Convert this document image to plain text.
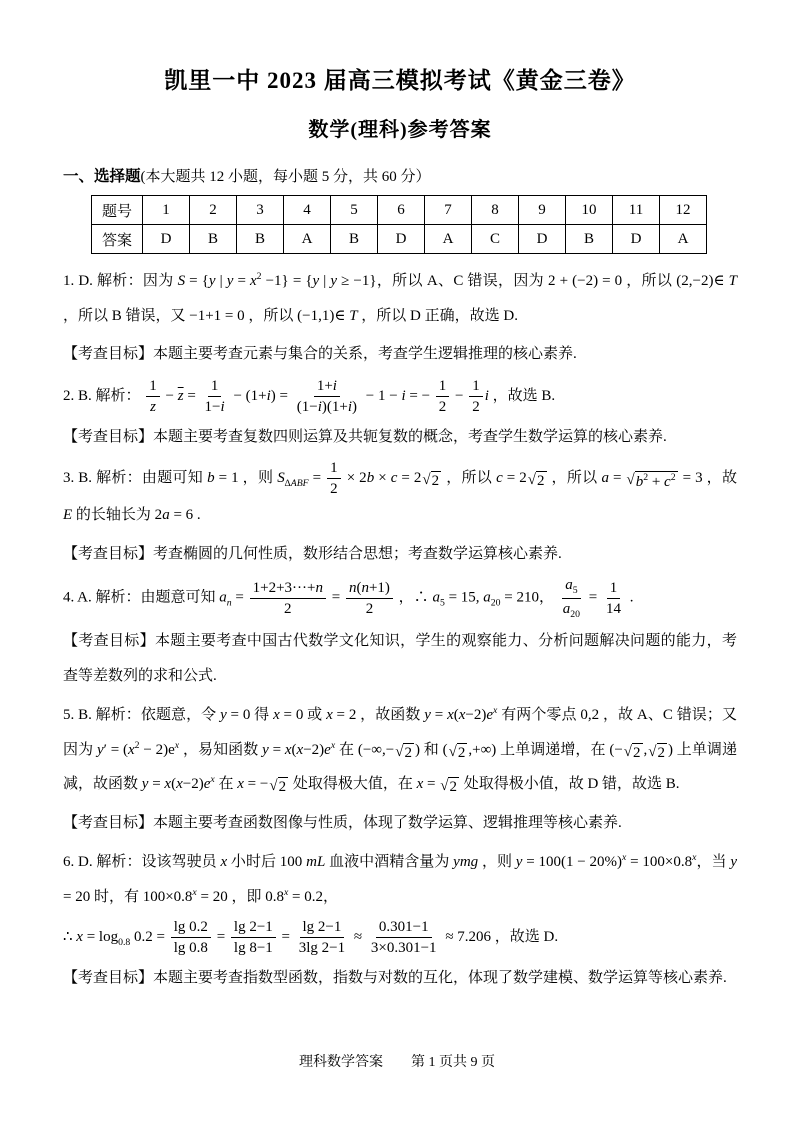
凯里一中 2023 届高三模拟考试《黄金三卷》
数学(理科)参考答案

一、选择题(本大题共 12 小题，每小题 5 分，共 60 分）

题号	1	2	3	4	5	6	7	8	9	10	11	12
答案	D	B	B	A	B	D	A	C	D	B	D	A

1. D. 解析：因为 S = {y | $y = x^2 -1\} = \{y$ | y ≥ −1}，所以 A、C 错误，因为 2 + (−2) = 0 ，所以 (2,−2)∈ T ，所以 B 错误，又 −1+1 = 0 ，所以 (−1,1)∈ T ，所以 D 正确，故选 D.

【考查目标】本题主要考查元素与集合的关系，考查学生逻辑推理的核心素养.

2. B. 解析： $\frac{1}{z} - \overline{z} = \frac{1}{1-i} - (1+i) = \frac{1+i}{(1-i)(1+i)} - 1 - i$ = − $\frac{1}{2} - \frac{1}{2}$ i ，故选 B.

【考查目标】本题主要考查复数四则运算及共轭复数的概念，考查学生数学运算的核心素养.

3. B. 解析：由题可知 b = 1 ，则 $S_{\Delta ABF} = \frac{1}{2} \times 2b \times c = 2$ √ 2 ，所以 c = 2 √ 2 ，所以 a = √ $b^2 + c^2 = 3$ ，故 E 的长轴长为 2a = 6 .

【考查目标】考查椭圆的几何性质，数形结合思想；考查数学运算核心素养.

4. A. 解析：由题意可知 $a_n = \frac{1+2+3\cdot\cdot\cdot+n}{2} = \frac{n(n+1)}{2}$ ，∴ $a_5 = 15$, $a_{20} = 210$， $\frac{a_5}{a_{20}} = \frac{1}{14}$ .

【考查目标】本题主要考查中国古代数学文化知识，学生的观察能力、分析问题解决问题的能力，考查等差数列的求和公式.

5. B. 解析：依题意，令 y = 0 得 x = 0 或 x = 2 ，故函数 $y = x(x-2)e^x$ 有两个零点 0,2 ，故 A、C 错误；又因为 $y' = (x^2 - 2)e^x$ ，易知函数 $y = x(x-2)e^x$ 在 (−∞,− √ 2 ) 和 ( √ 2 ,+∞) 上单调递增，在 (− √ 2 , √ 2 ) 上单调递减，故函数 $y = x(x-2)e^x$ 在 x = − √ 2 处取得极大值，在 x = √ 2 处取得极小值，故 D 错，故选 B.

【考查目标】本题主要考查函数图像与性质，体现了数学运算、逻辑推理等核心素养.

6. D. 解析：设该驾驶员 x 小时后 100 mL 血液中酒精含量为 ymg ，则 $y = 100(1 - 20\%)^x = 100\times 0.8^x$，当 y = 20 时，有 $100\times 0.8^x = 20$ ，即 $0.8^x = 0.2$，

∴ $x = \log_{0.8} 0.2 = \frac{\lg 0.2}{\lg 0.8} = \frac{\lg 2-1}{\lg 8-1} = \frac{\lg 2-1}{3\lg 2-1} \approx \frac{0.301-1}{3\times 0.301-1} \approx 7.206$ ，故选 D.

【考查目标】本题主要考查指数型函数，指数与对数的互化，体现了数学建模、数学运算等核心素养.

理科数学答案　　第 1 页共 9 页
